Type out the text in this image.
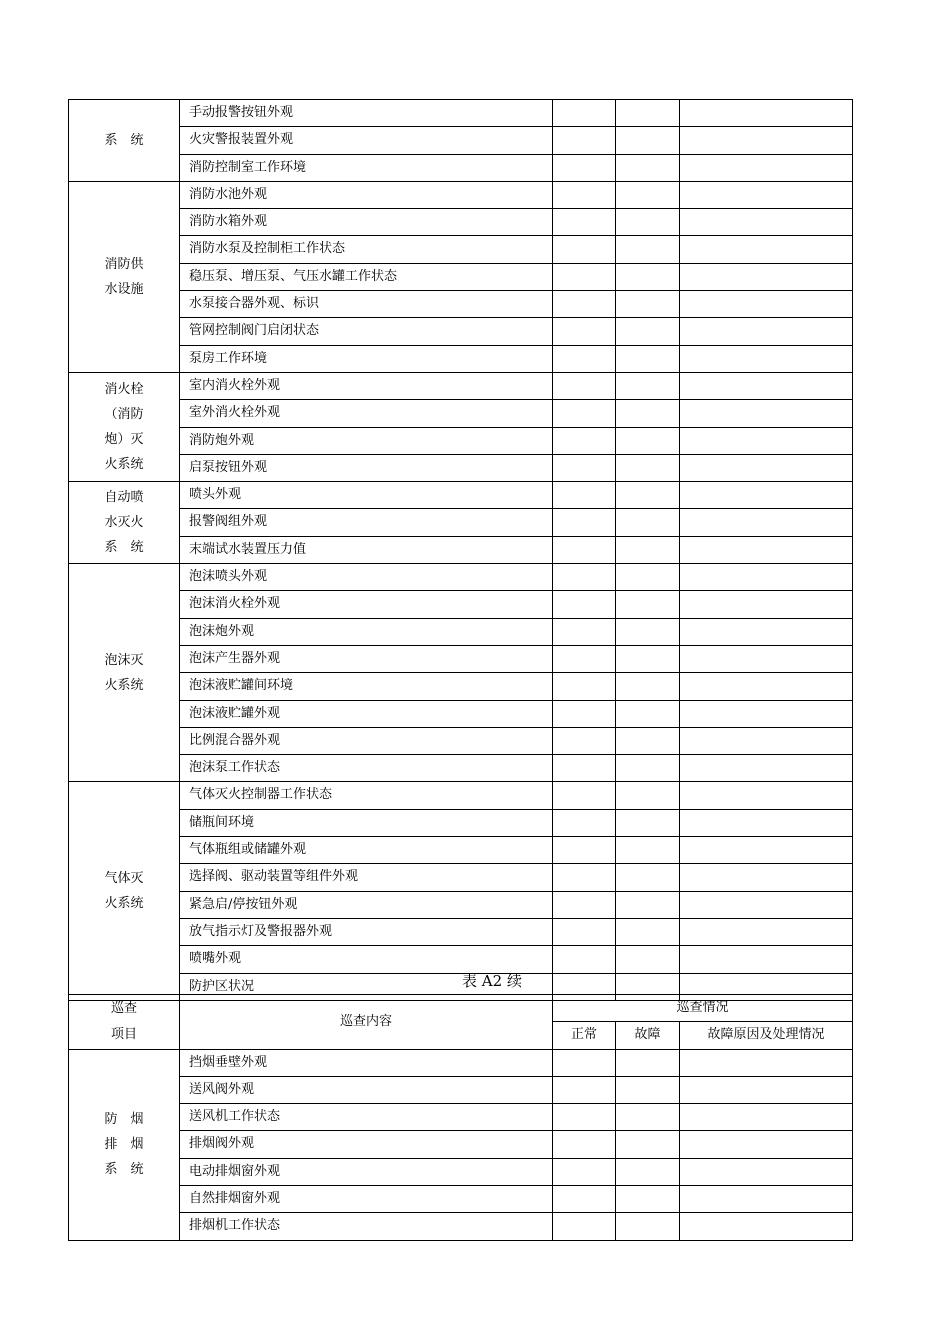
系　统	手动报警按钮外观			
	火灾警报装置外观			
	消防控制室工作环境			

消防供
水设施	消防水池外观			
	消防水箱外观			
	消防水泵及控制柜工作状态			
	稳压泵、增压泵、气压水罐工作状态			
	水泵接合器外观、标识			
	管网控制阀门启闭状态			
	泵房工作环境			

消火栓
（消防
炮）灭
火系统	室内消火栓外观			
	室外消火栓外观			
	消防炮外观			
	启泵按钮外观			

自动喷
水灭火
系　统	喷头外观			
	报警阀组外观			
	末端试水装置压力值			

泡沫灭
火系统	泡沫喷头外观			
	泡沫消火栓外观			
	泡沫炮外观			
	泡沫产生器外观			
	泡沫液贮罐间环境			
	泡沫液贮罐外观			
	比例混合器外观			
	泡沫泵工作状态			

气体灭
火系统	气体灭火控制器工作状态			
	储瓶间环境			
	气体瓶组或储罐外观			
	选择阀、驱动装置等组件外观			
	紧急启/停按钮外观			
	放气指示灯及警报器外观			
	喷嘴外观			
	防护区状况				表 A2 续
巡查
项目	巡查内容	巡查情况		
		正常	故障	故障原因及处理情况

防　烟
排　烟
系　统	挡烟垂壁外观			
	送风阀外观			
	送风机工作状态			
	排烟阀外观			
	电动排烟窗外观			
	自然排烟窗外观			
	排烟机工作状态			
